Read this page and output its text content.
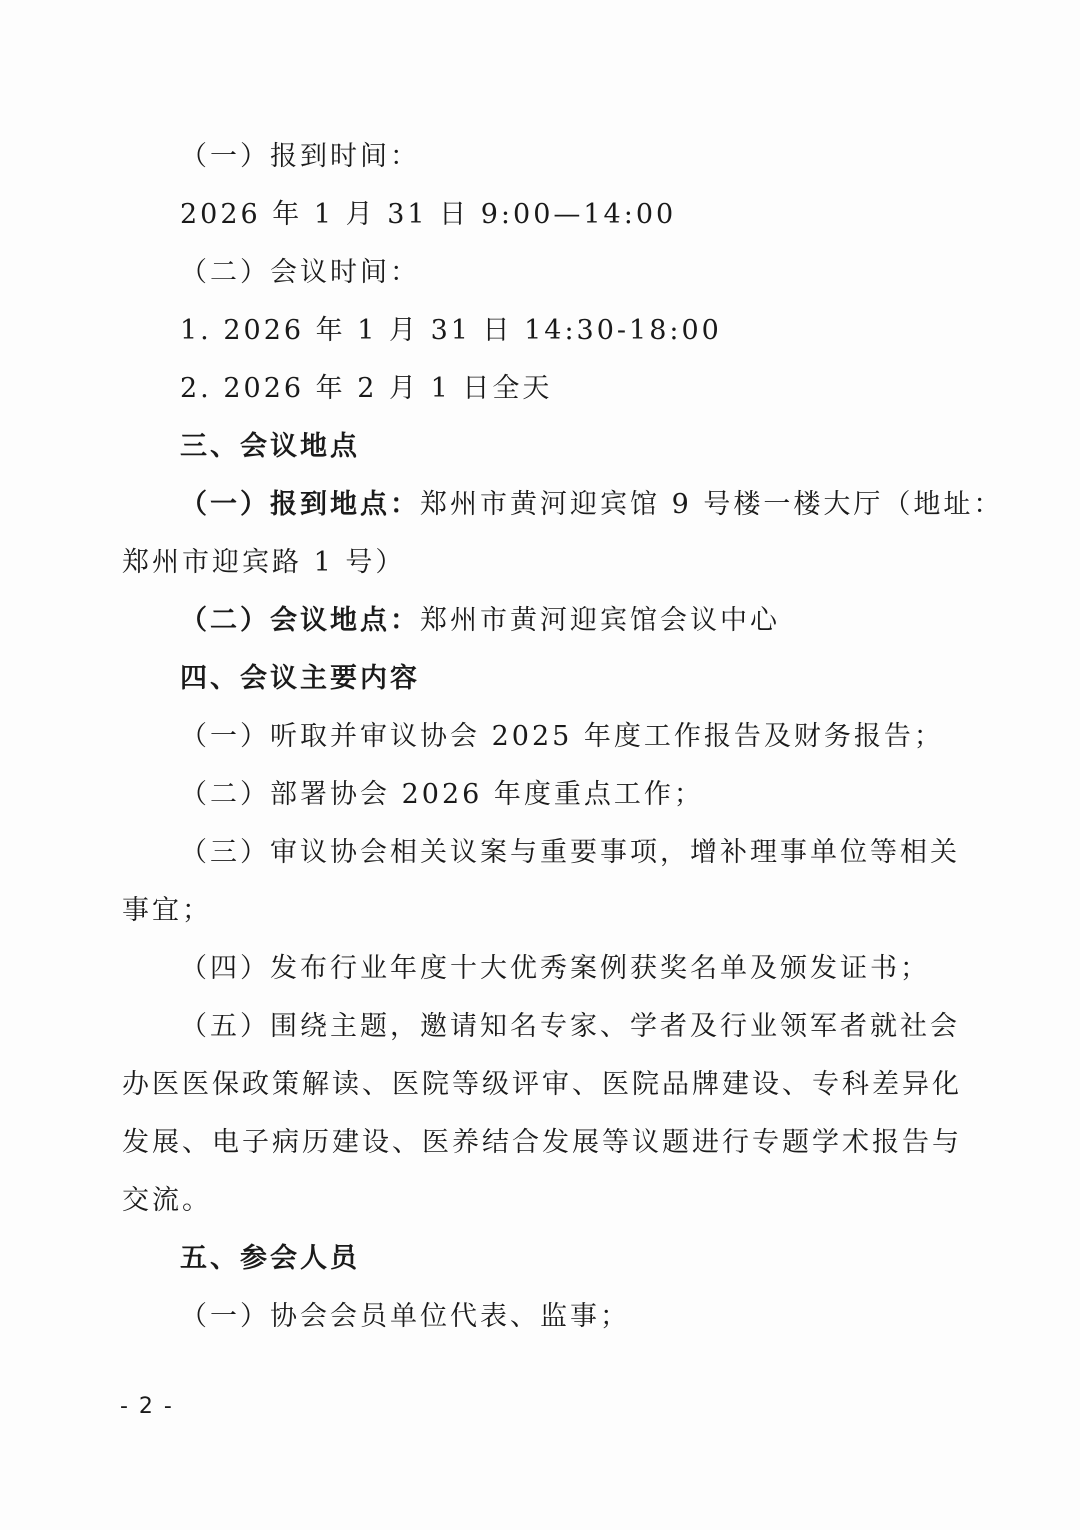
（一）报到时间：
2026 年 1 月 31 日 9:00—14:00
（二）会议时间：
1. 2026 年 1 月 31 日 14:30-18:00
2. 2026 年 2 月 1 日全天
三、会议地点
（一）报到地点：郑州市黄河迎宾馆 9 号楼一楼大厅（地址：
郑州市迎宾路 1 号）
（二）会议地点：郑州市黄河迎宾馆会议中心
四、会议主要内容
（一）听取并审议协会 2025 年度工作报告及财务报告；
（二）部署协会 2026 年度重点工作；
（三）审议协会相关议案与重要事项，增补理事单位等相关
事宜；
（四）发布行业年度十大优秀案例获奖名单及颁发证书；
（五）围绕主题，邀请知名专家、学者及行业领军者就社会
办医医保政策解读、医院等级评审、医院品牌建设、专科差异化
发展、电子病历建设、医养结合发展等议题进行专题学术报告与
交流。
五、参会人员
（一）协会会员单位代表、监事；
- 2 -
